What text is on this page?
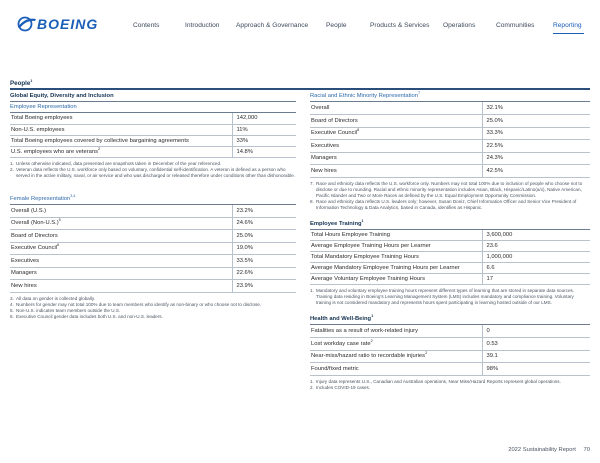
BOEING	Contents	Introduction	Approach & Governance	People	Products & Services Operations	Communities	Reporting
People$^1$
Global Equity, Diversity and Inclusion
Employee Representation
Total Boeing employees	142,000
Non-U.S. employees	11%
Total Boeing employees covered by collective bargaining agreements	33%
U.S. employees who are veterans$^2$	14.8%
1. Unless otherwise indicated, data presented are snapshots taken in December of the year referenced.
2. Veteran data reflects the U.S. workforce only based on voluntary, confidential self-identification. A veteran is defined as a person who served in the active military, naval, or air service and who was discharged or released therefore under conditions other than dishonorable.
Female Representation$^{3,4}$
Overall (U.S.)	23.2%
Overall $(Non-U.S.)^5$	24.6%
Board of Directors	25.0%
Executive Council$^6$	19.0%
Executives	33.5%
Managers	22.6%
New hires	23.9%
3. All data on gender is collected globally.
4. Numbers for gender may not total 100% due to team members who identify as non-binary or who choose not to disclose.
5. Non-U.S. indicates team members outside the U.S.
6. Executive Council gender data includes both U.S. and non-U.S. leaders.
Racial and Ethnic Minority Representation$^7$
Overall	32.1%
Board of Directors	25.0%
Executive Council$^8$	33.3%
Executives	22.5%
Managers	24.3%
New hires	42.5%
7. Race and ethnicity data reflects the U.S. workforce only. Numbers may not total 100% due to inclusion of people who choose not to disclose or due to rounding. Racial and ethnic minority representation includes Asian, Black, Hispanic/Latino(a/x), Native American, Pacific Islander and Two or More Races as defined by the U.S. Equal Employment Opportunity Commission.
8. Race and ethnicity data reflects U.S. leaders only; however, Susan Doniz, Chief Information Officer and Senior Vice President of Information Technology & Data Analytics, based in Canada, identifies as Hispanic.
Employee Training$^1$
Total Hours Employee Training	3,600,000
Average Employee Training Hours per Learner	23.6
Total Mandatory Employee Training Hours	1,000,000
Average Mandatory Employee Training Hours per Learner	6.6
Average Voluntary Employee Training Hours	17
1. Mandatory and voluntary employee training hours represent different types of learning that are stored in separate data sources. Training data residing in Boeing's Learning Management System (LMS) includes mandatory and compliance training. Voluntary training is not considered mandatory and represents hours spent participating in learning hosted outside of our LMS.
Health and Well-Being$^1$
Fatalities as a result of work-related injury	0
Lost workday case rate$^2$	0.53
Near-miss/hazard ratio to recordable injuries$^2$	39.1
Found/fixed metric	98%
1. Injury data represents U.S., Canadian and Australian operations, Near Miss/Hazard Reports represent global operations.
2. Includes COVID-19 cases.
2022 Sustainability Report 70
